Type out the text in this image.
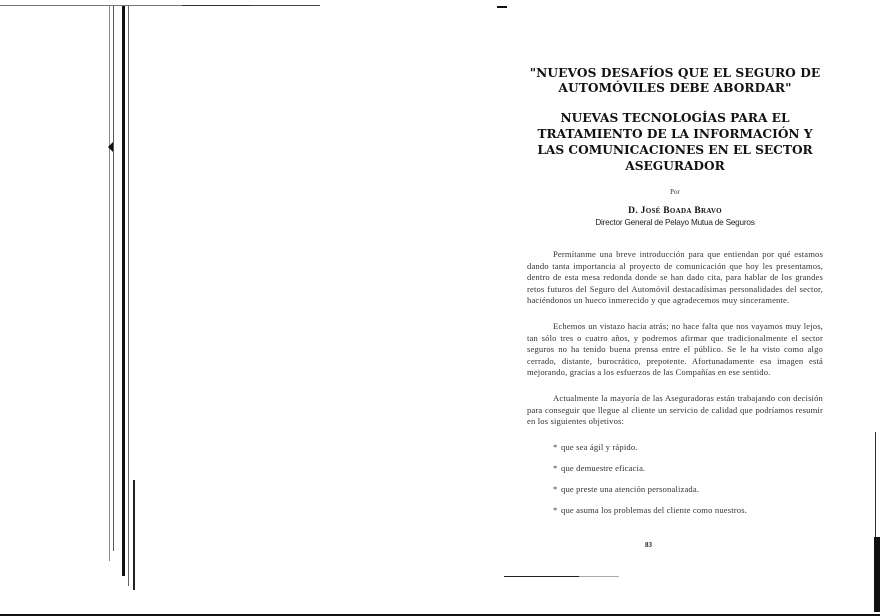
"NUEVOS DESAFÍOS QUE EL SEGURO DE AUTOMÓVILES DEBE ABORDAR"
NUEVAS TECNOLOGÍAS PARA EL TRATAMIENTO DE LA INFORMACIÓN Y LAS COMUNICACIONES EN EL SECTOR ASEGURADOR
Por
D. José Boada Bravo
Director General de Pelayo Mutua de Seguros

Permítanme una breve introducción para que entiendan por qué estamos dando tanta importancia al proyecto de comunicación que hoy les presentamos, dentro de esta mesa redonda donde se han dado cita, para hablar de los grandes retos futuros del Seguro del Automóvil destacadísimas personalidades del sector, haciéndonos un hueco inmerecido y que agradecemos muy sinceramente.

Echemos un vistazo hacia atrás; no hace falta que nos vayamos muy lejos, tan sólo tres o cuatro años, y podremos afirmar que tradicionalmente el sector seguros no ha tenido buena prensa entre el público. Se le ha visto como algo cerrado, distante, burocrático, prepotente. Afortunadamente esa imagen está mejorando, gracias a los esfuerzos de las Compañías en ese sentido.

Actualmente la mayoría de las Aseguradoras están trabajando con decisión para conseguir que llegue al cliente un servicio de calidad que podríamos resumir en los siguientes objetivos:

* que sea ágil y rápido.
* que demuestre eficacia.
* que preste una atención personalizada.
* que asuma los problemas del cliente como nuestros.
83
